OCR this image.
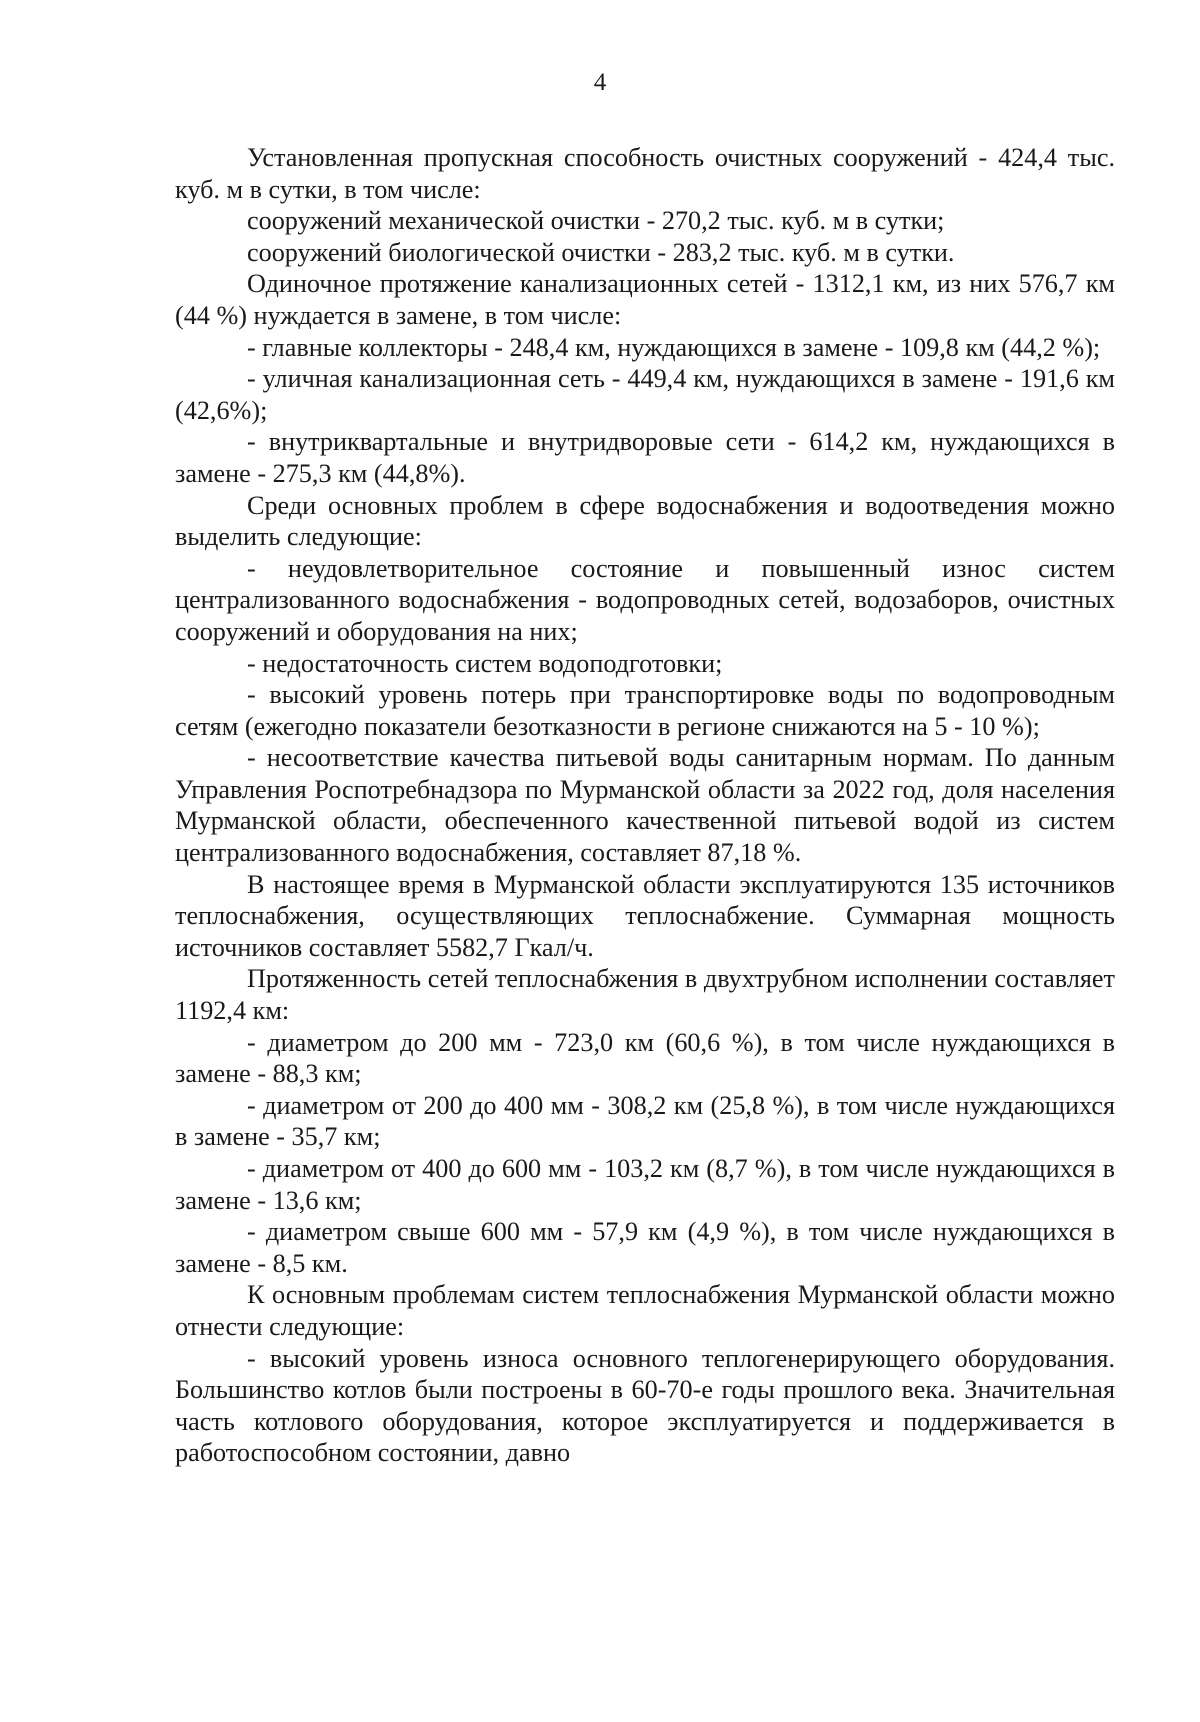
4

Установленная пропускная способность очистных сооружений - 424,4 тыс. куб. м в сутки, в том числе:

сооружений механической очистки - 270,2 тыс. куб. м в сутки;

сооружений биологической очистки - 283,2 тыс. куб. м в сутки.

Одиночное протяжение канализационных сетей - 1312,1 км, из них 576,7 км (44 %) нуждается в замене, в том числе:

- главные коллекторы - 248,4 км, нуждающихся в замене - 109,8 км (44,2 %);

- уличная канализационная сеть - 449,4 км, нуждающихся в замене - 191,6 км (42,6%);

- внутриквартальные и внутридворовые сети - 614,2 км, нуждающихся в замене - 275,3 км (44,8%).

Среди основных проблем в сфере водоснабжения и водоотведения можно выделить следующие:

- неудовлетворительное состояние и повышенный износ систем централизованного водоснабжения - водопроводных сетей, водозаборов, очистных сооружений и оборудования на них;

- недостаточность систем водоподготовки;

- высокий уровень потерь при транспортировке воды по водопроводным сетям (ежегодно показатели безотказности в регионе снижаются на 5 - 10 %);

- несоответствие качества питьевой воды санитарным нормам. По данным Управления Роспотребнадзора по Мурманской области за 2022 год, доля населения Мурманской области, обеспеченного качественной питьевой водой из систем централизованного водоснабжения, составляет 87,18 %.

В настоящее время в Мурманской области эксплуатируются 135 источников теплоснабжения, осуществляющих теплоснабжение. Суммарная мощность источников составляет 5582,7 Гкал/ч.

Протяженность сетей теплоснабжения в двухтрубном исполнении составляет 1192,4 км:

- диаметром до 200 мм - 723,0 км (60,6 %), в том числе нуждающихся в замене - 88,3 км;

- диаметром от 200 до 400 мм - 308,2 км (25,8 %), в том числе нуждающихся в замене - 35,7 км;

- диаметром от 400 до 600 мм - 103,2 км (8,7 %), в том числе нуждающихся в замене - 13,6 км;

- диаметром свыше 600 мм - 57,9 км (4,9 %), в том числе нуждающихся в замене - 8,5 км.

К основным проблемам систем теплоснабжения Мурманской области можно отнести следующие:

- высокий уровень износа основного теплогенерирующего оборудования. Большинство котлов были построены в 60-70-е годы прошлого века. Значительная часть котлового оборудования, которое эксплуатируется и поддерживается в работоспособном состоянии, давно
